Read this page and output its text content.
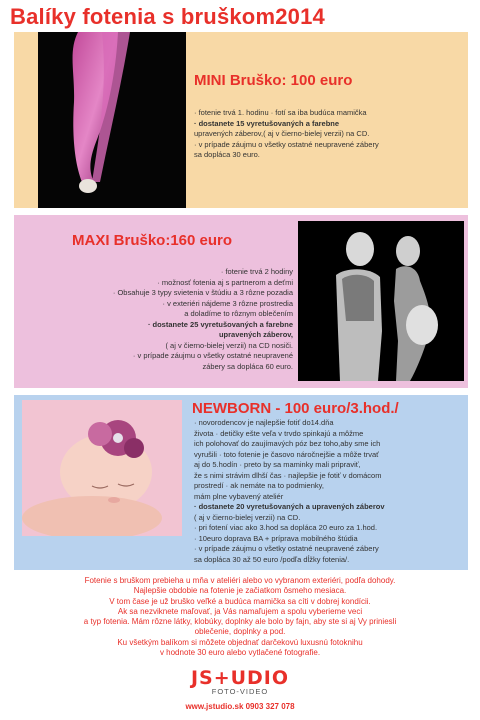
Balíky fotenia s bruškom2014
MINI Bruško: 100 euro
· fotenie trvá 1. hodinu · fotí sa iba budúca mamička
· dostanete 15 vyretušovaných a farebne
upravených záberov,( aj v čierno-bielej verzii) na CD.
· v prípade záujmu o všetky ostatné neupravené zábery
sa dopláca 30 euro.
MAXI Bruško:160 euro
· fotenie trvá 2 hodiny
· možnosť fotenia aj s partnerom a deťmi
· Obsahuje 3 typy svietenia v štúdiu a 3 rôzne pozadia
· v exteriéri nájdeme 3 rôzne prostredia
a doladíme to rôznym oblečením
· dostanete 25 vyretušovaných a farebne
upravených záberov,
( aj v čierno-bielej verzii) na CD nosiči.
· v prípade záujmu o všetky ostatné neupravené
zábery sa dopláca 60 euro.
NEWBORN - 100 euro/3.hod./
· novorodencov je najlepšie fotiť do14.dňa
života · detičky ešte veľa v trvdo spinkajú a môžme
ich polohovať do zaujímavých póz bez toho,aby sme ich
vyrušili · toto fotenie je časovo náročnejšie a môže trvať
aj do 5.hodín · preto by sa maminky mali pripraviť,
že s nimi strávim dlhší čas · najlepšie je fotiť v domácom
prostredí · ak nemáte na to podmienky,
mám plne vybavený ateliér
· dostanete 20 vyretušovaných a upravených záberov
( aj v čierno-bielej verzii) na CD.
· pri fotení viac ako 3.hod sa dopláca 20 euro za 1.hod.
· 10euro doprava BA + príprava mobilného štúdia
· v prípade záujmu o všetky ostatné neupravené zábery
sa dopláca 30 až 50 euro /podľa dĺžky fotenia/.
Fotenie s bruškom prebieha u mňa v ateliéri alebo vo vybranom exteriéri, podľa dohody.
Najlepšie obdobie na fotenie je začiatkom ôsmeho mesiaca.
V tom čase je už bruško veľké a budúca mamička sa cíti v dobrej kondícii.
Ak sa nezviknete maľovať, ja Vás namaľujem a spolu vyberieme veci
a typ fotenia. Mám rôzne látky, klobúky, doplnky ale bolo by fajn, aby ste si aj Vy priniesli
oblečenie, doplnky a pod.
Ku všetkým balíkom si môžete objednať darčekovú luxusnú fotoknihu
v hodnote 30 euro alebo vytlačené fotografie.
JS+UDIO
FOTO-VIDEO
www.jstudio.sk 0903 327 078
